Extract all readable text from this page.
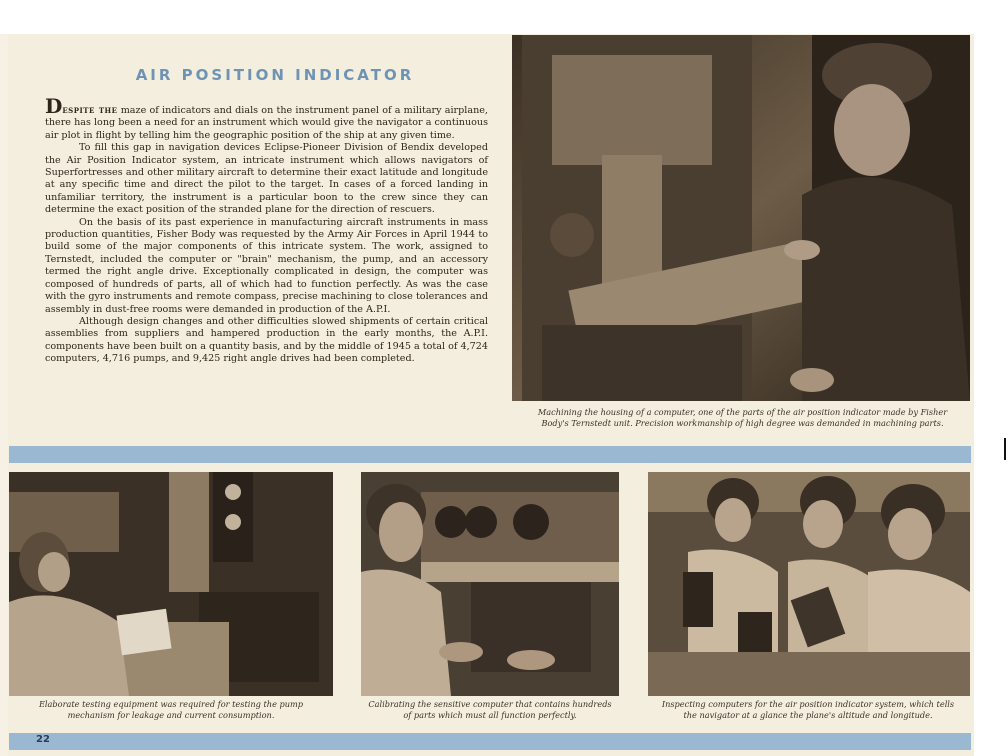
AIR POSITION INDICATOR

Despite the maze of indicators and dials on the instrument panel of a military airplane, there has long been a need for an instrument which would give the navigator a continuous air plot in flight by telling him the geographic position of the ship at any given time.

To fill this gap in navigation devices Eclipse-Pioneer Division of Bendix developed the Air Position Indicator system, an intricate instrument which allows navigators of Superfortresses and other military aircraft to determine their exact latitude and longitude at any specific time and direct the pilot to the target. In cases of a forced landing in unfamiliar territory, the instrument is a particular boon to the crew since they can determine the exact position of the stranded plane for the direction of rescuers.

On the basis of its past experience in manufacturing aircraft instruments in mass production quantities, Fisher Body was requested by the Army Air Forces in April 1944 to build some of the major components of this intricate system. The work, assigned to Ternstedt, included the computer or "brain" mechanism, the pump, and an accessory termed the right angle drive. Exceptionally complicated in design, the computer was composed of hundreds of parts, all of which had to function perfectly. As was the case with the gyro instruments and remote compass, precise machining to close tolerances and assembly in dust-free rooms were demanded in production of the A.P.I.

Although design changes and other difficulties slowed shipments of certain critical assemblies from suppliers and hampered production in the early months, the A.P.I. components have been built on a quantity basis, and by the middle of 1945 a total of 4,724 computers, 4,716 pumps, and 9,425 right angle drives had been completed.

Machining the housing of a computer, one of the parts of the air position indicator made by Fisher Body's Ternstedt unit. Precision workmanship of high degree was demanded in machining parts.
Elaborate testing equipment was required for testing the pump mechanism for leakage and current consumption.
Calibrating the sensitive computer that contains hundreds of parts which must all function perfectly.
Inspecting computers for the air position indicator system, which tells the navigator at a glance the plane's altitude and longitude.
22
